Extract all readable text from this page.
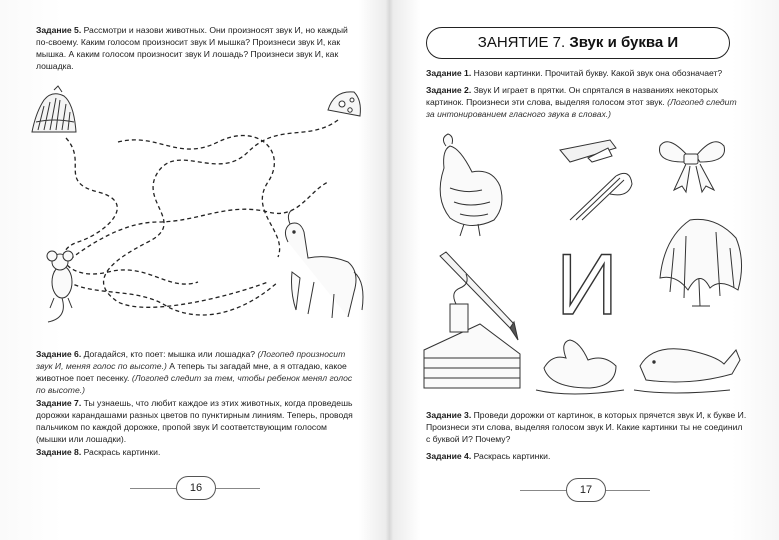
Задание 5. Рассмотри и назови животных. Они произносят звук И, но каждый по-своему. Каким голосом произносит звук И мышка? Произнеси звук И, как мышка. А каким голосом произносит звук И лошадь? Произнеси звук И, как лошадка.
Задание 6. Догадайся, кто поет: мышка или лошадка? (Логопед произносит звук И, меняя голос по высоте.) А теперь ты загадай мне, а я отгадаю, какое животное поет песенку. (Логопед следит за тем, чтобы ребенок менял голос по высоте.)
Задание 7. Ты узнаешь, что любит каждое из этих животных, когда проведешь дорожки карандашами разных цветов по пунктирным линиям. Теперь, проводя пальчиком по каждой дорожке, пропой звук И соответствующим голосом (мышки или лошадки).
Задание 8. Раскрась картинки.
16
ЗАНЯТИЕ 7. Звук и буква И
Задание 1. Назови картинки. Прочитай букву. Какой звук она обозначает?
Задание 2. Звук И играет в прятки. Он спрятался в названиях некоторых картинок. Произнеси эти слова, выделяя голосом этот звук. (Логопед следит за интонированием гласного звука в словах.)
И
Задание 3. Проведи дорожки от картинок, в которых прячется звук И, к букве И. Произнеси эти слова, выделяя голосом звук И. Какие картинки ты не соединил с буквой И? Почему?
Задание 4. Раскрась картинки.
17
